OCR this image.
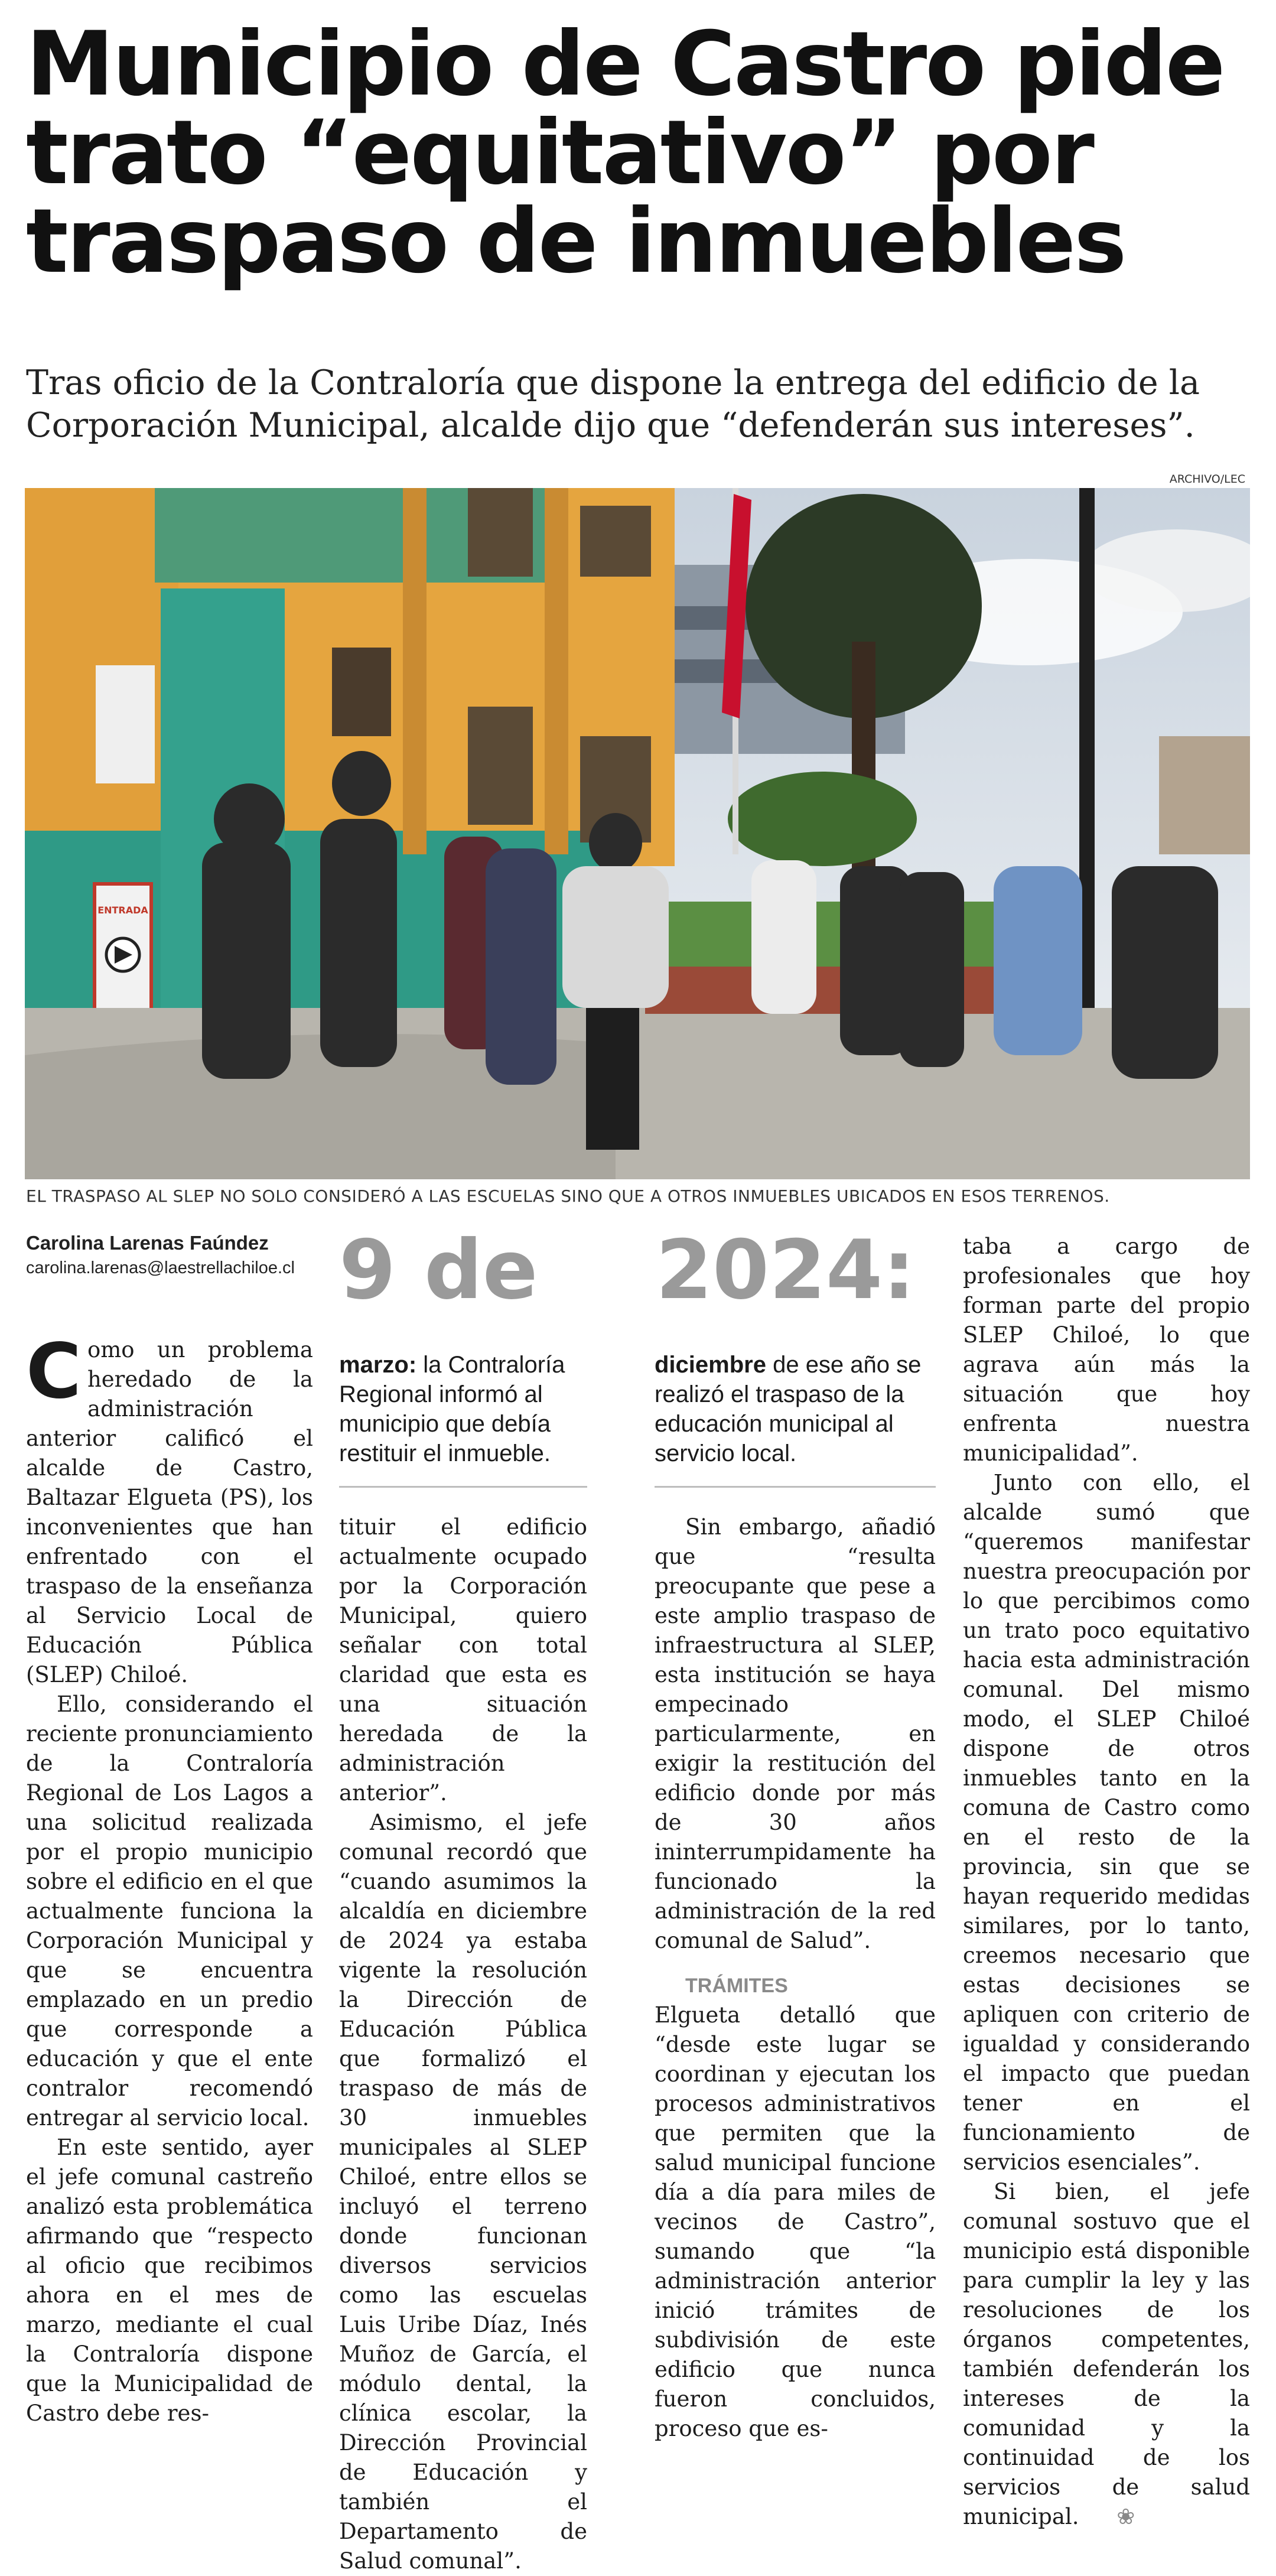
Municipio de Castro pide trato “equitativo” por traspaso de inmuebles

Tras oficio de la Contraloría que dispone la entrega del edificio de la Corporación Municipal, alcalde dijo que “defenderán sus intereses”.

ARCHIVO/LEC
ENTRADA
EL TRASPASO AL SLEP NO SOLO CONSIDERÓ A LAS ESCUELAS SINO QUE A OTROS INMUEBLES UBICADOS EN ESOS TERRENOS.
Carolina Larenas Faúndez
carolina.larenas@laestrellachiloe.cl

Como un problema heredado de la administración anterior calificó el alcalde de Castro, Baltazar Elgueta (PS), los inconvenientes que han enfrentado con el traspaso de la enseñanza al Servicio Local de Educación Pública (SLEP) Chiloé.

Ello, considerando el reciente pronunciamiento de la Contraloría Regional de Los Lagos a una solicitud realizada por el propio municipio sobre el edificio en el que actualmente funciona la Corporación Municipal y que se encuentra emplazado en un predio que corresponde a educación y que el ente contralor recomendó entregar al servicio local.

En este sentido, ayer el jefe comunal castreño analizó esta problemática afirmando que “respecto al oficio que recibimos ahora en el mes de marzo, mediante el cual la Contraloría dispone que la Municipalidad de Castro debe res-

9 de
marzo: la Contraloría Regional informó al municipio que debía restituir el inmueble.

tituir el edificio actualmente ocupado por la Corporación Municipal, quiero señalar con total claridad que esta es una situación heredada de la administración anterior”.

Asimismo, el jefe comunal recordó que “cuando asumimos la alcaldía en diciembre de 2024 ya estaba vigente la resolución la Dirección de Educación Pública que formalizó el traspaso de más de 30 inmuebles municipales al SLEP Chiloé, entre ellos se incluyó el terreno donde funcionan diversos servicios como las escuelas Luis Uribe Díaz, Inés Muñoz de García, el módulo dental, la clínica escolar, la Dirección Provincial de Educación y también el Departamento de Salud comunal”.

2024:
diciembre de ese año se realizó el traspaso de la educación municipal al servicio local.

Sin embargo, añadió que “resulta preocupante que pese a este amplio traspaso de infraestructura al SLEP, esta institución se haya empecinado particularmente, en exigir la restitución del edificio donde por más de 30 años ininterrumpidamente ha funcionado la administración de la red comunal de Salud”.

TRÁMITES

Elgueta detalló que “desde este lugar se coordinan y ejecutan los procesos administrativos que permiten que la salud municipal funcione día a día para miles de vecinos de Castro”, sumando que “la administración anterior inició trámites de subdivisión de este edificio que nunca fueron concluidos, proceso que es-

taba a cargo de profesionales que hoy forman parte del propio SLEP Chiloé, lo que agrava aún más la situación que hoy enfrenta nuestra municipalidad”.

Junto con ello, el alcalde sumó que “queremos manifestar nuestra preocupación por lo que percibimos como un trato poco equitativo hacia esta administración comunal. Del mismo modo, el SLEP Chiloé dispone de otros inmuebles tanto en la comuna de Castro como en el resto de la provincia, sin que se hayan requerido medidas similares, por lo tanto, creemos necesario que estas decisiones se apliquen con criterio de igualdad y considerando el impacto que puedan tener en el funcionamiento de servicios esenciales”.

Si bien, el jefe comunal sostuvo que el municipio está disponible para cumplir la ley y las resoluciones de los órganos competentes, también defenderán los intereses de la comunidad y la continuidad de los servicios de salud municipal. ❀
